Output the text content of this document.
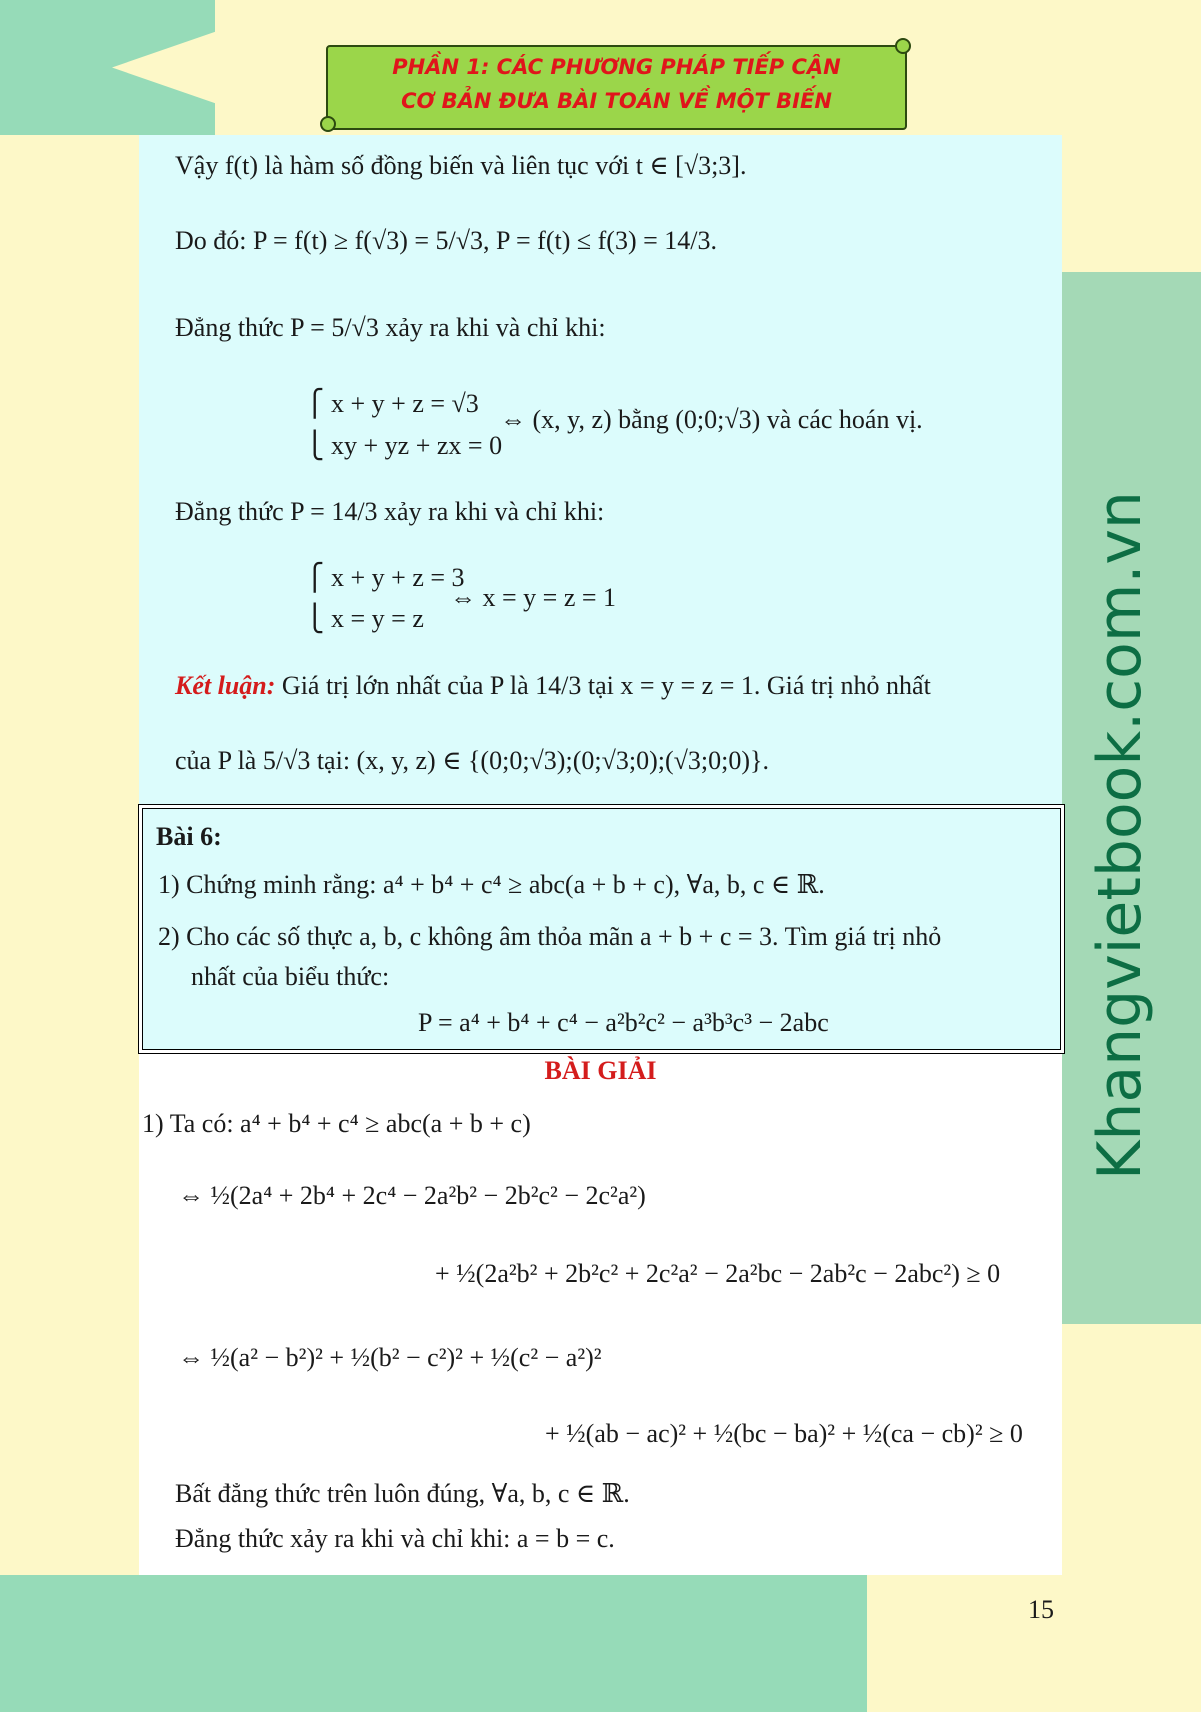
PHẦN 1: CÁC PHƯƠNG PHÁP TIẾP CẬN
CƠ BẢN ĐƯA BÀI TOÁN VỀ MỘT BIẾN
Khangvietbook.com.vn
Vậy f(t) là hàm số đồng biến và liên tục với t ∈ [√3;3].
Do đó: P = f(t) ≥ f(√3) = 5/√3, P = f(t) ≤ f(3) = 14/3.
Đẳng thức P = 5/√3 xảy ra khi và chỉ khi:
⎧ x + y + z = √3
⎩ xy + yz + zx = 0
⇔ (x, y, z) bằng (0;0;√3) và các hoán vị.
Đẳng thức P = 14/3 xảy ra khi và chỉ khi:
⎧ x + y + z = 3
⎩ x = y = z
⇔ x = y = z = 1
Kết luận: Giá trị lớn nhất của P là 14/3 tại x = y = z = 1. Giá trị nhỏ nhất
của P là 5/√3 tại: (x, y, z) ∈ {(0;0;√3);(0;√3;0);(√3;0;0)}.
Bài 6:
1) Chứng minh rằng: a⁴ + b⁴ + c⁴ ≥ abc(a + b + c), ∀a, b, c ∈ ℝ.
2) Cho các số thực a, b, c không âm thỏa mãn a + b + c = 3. Tìm giá trị nhỏ
nhất của biểu thức:
P = a⁴ + b⁴ + c⁴ − a²b²c² − a³b³c³ − 2abc
BÀI GIẢI
1) Ta có: a⁴ + b⁴ + c⁴ ≥ abc(a + b + c)
⇔ ½(2a⁴ + 2b⁴ + 2c⁴ − 2a²b² − 2b²c² − 2c²a²)
+ ½(2a²b² + 2b²c² + 2c²a² − 2a²bc − 2ab²c − 2abc²) ≥ 0
⇔ ½(a² − b²)² + ½(b² − c²)² + ½(c² − a²)²
+ ½(ab − ac)² + ½(bc − ba)² + ½(ca − cb)² ≥ 0
Bất đẳng thức trên luôn đúng, ∀a, b, c ∈ ℝ.
Đẳng thức xảy ra khi và chỉ khi: a = b = c.
15
